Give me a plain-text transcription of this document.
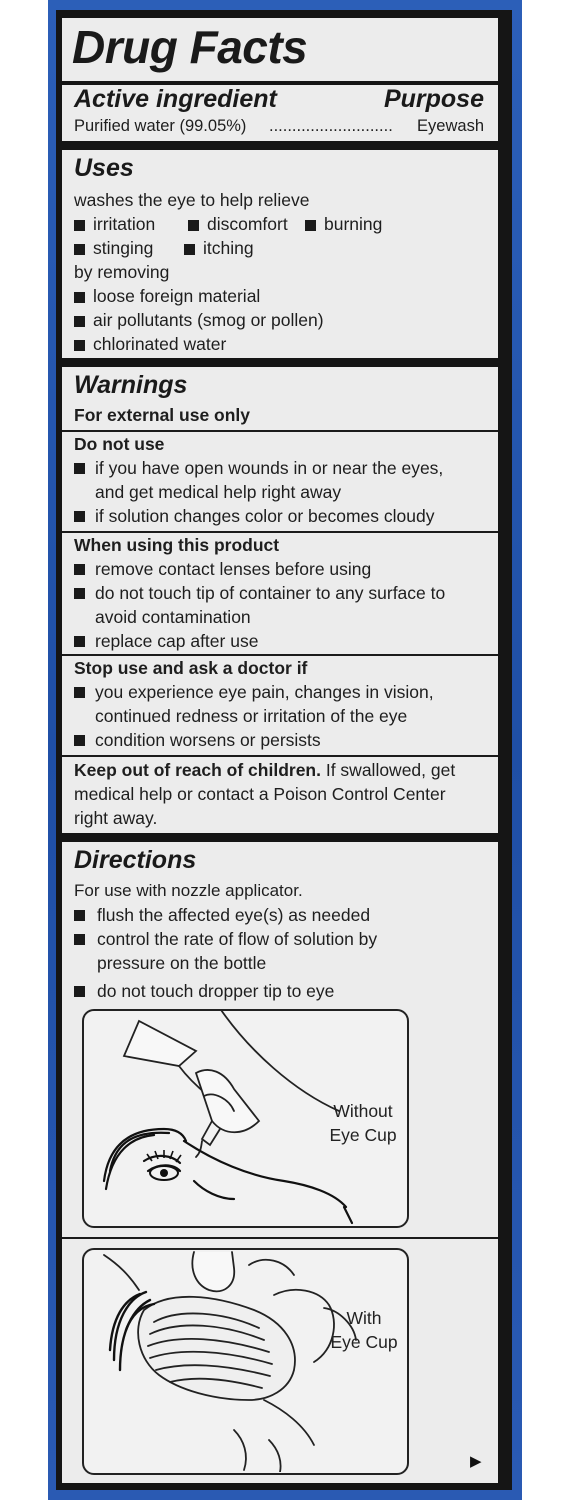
Drug Facts
Active ingredient	Purpose
Purified water (99.05%) ........................... Eyewash
Uses
washes the eye to help relieve
irritation	discomfort	burning
stinging	itching
by removing
loose foreign material
air pollutants (smog or pollen)
chlorinated water
Warnings
For external use only
Do not use
if you have open wounds in or near the eyes,
and get medical help right away
if solution changes color or becomes cloudy
When using this product
remove contact lenses before using
do not touch tip of container to any surface to
avoid contamination
replace cap after use
Stop use and ask a doctor if
you experience eye pain, changes in vision,
continued redness or irritation of the eye
condition worsens or persists
Keep out of reach of children. If swallowed, get
medical help or contact a Poison Control Center
right away.
Directions
For use with nozzle applicator.
flush the affected eye(s) as needed
control the rate of flow of solution by
pressure on the bottle
do not touch dropper tip to eye
Without
Eye Cup
With
Eye Cup
▶
